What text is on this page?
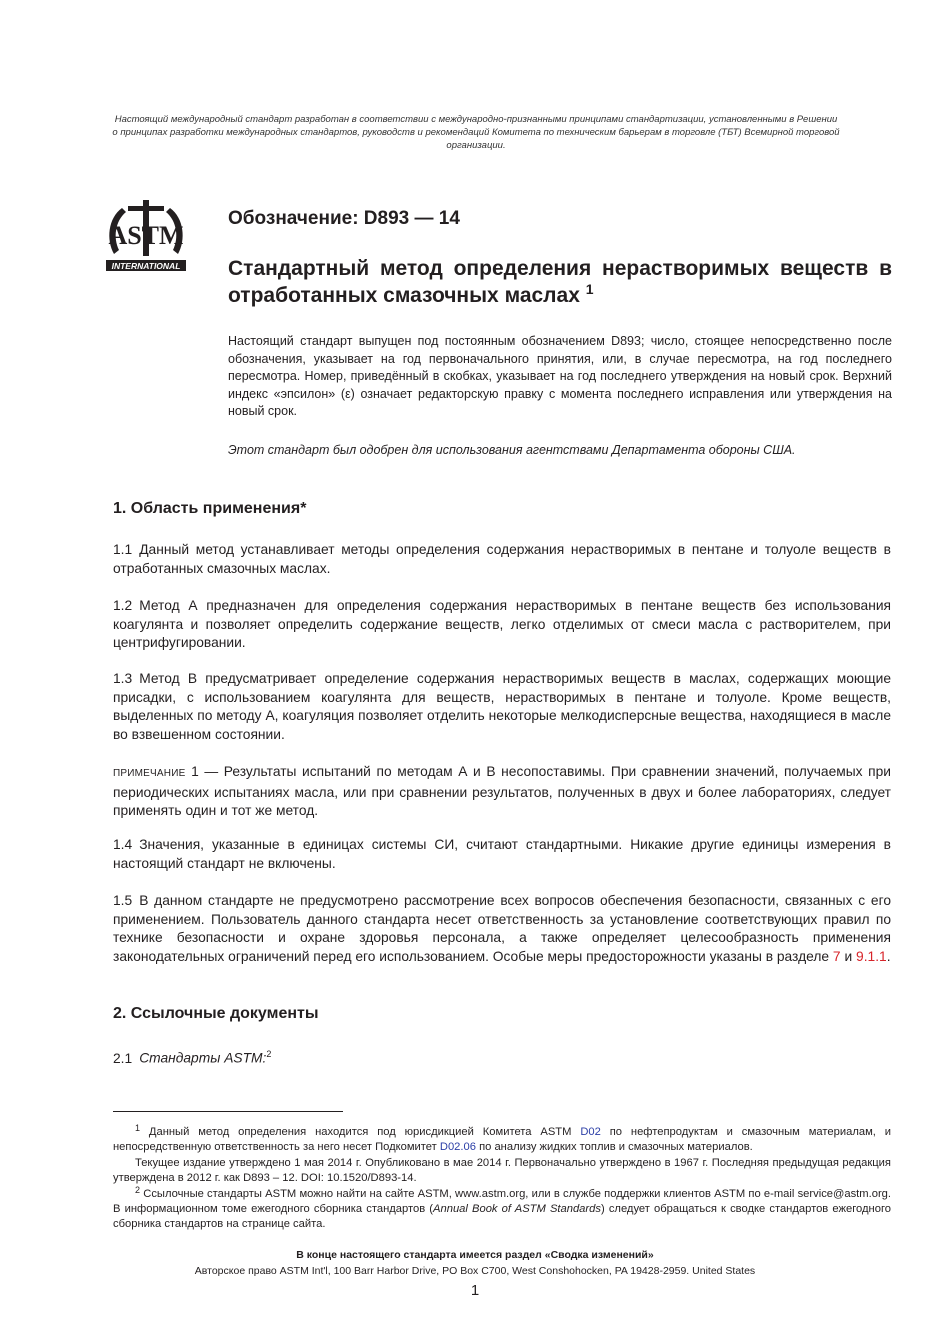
Настоящий международный стандарт разработан в соответствии с международно-признанными принципами стандартизации, установленными в Решении о принципах разработки международных стандартов, руководств и рекомендаций Комитета по техническим барьерам в торговле (ТБТ) Всемирной торговой организации.
ASTM
INTERNATIONAL
Обозначение: D893 — 14
Стандартный метод определения нерастворимых веществ в отработанных смазочных маслах $^1$
Настоящий стандарт выпущен под постоянным обозначением D893; число, стоящее непосредственно после обозначения, указывает на год первоначального принятия, или, в случае пересмотра, на год последнего пересмотра. Номер, приведённый в скобках, указывает на год последнего утверждения на новый срок. Верхний индекс «эпсилон» (ε) означает редакторскую правку с момента последнего исправления или утверждения на новый срок.
Этот стандарт был одобрен для использования агентствами Департамента обороны США.
1. Область применения*
1.1 Данный метод устанавливает методы определения содержания нерастворимых в пентане и толуоле веществ в отработанных смазочных маслах.
1.2 Метод А предназначен для определения содержания нерастворимых в пентане веществ без использования коагулянта и позволяет определить содержание веществ, легко отделимых от смеси масла с растворителем, при центрифугировании.
1.3 Метод В предусматривает определение содержания нерастворимых веществ в маслах, содержащих моющие присадки, с использованием коагулянта для веществ, нерастворимых в пентане и толуоле. Кроме веществ, выделенных по методу А, коагуляция позволяет отделить некоторые мелкодисперсные вещества, находящиеся в масле во взвешенном состоянии.
ПРИМЕЧАНИЕ 1 — Результаты испытаний по методам А и В несопоставимы. При сравнении значений, получаемых при периодических испытаниях масла, или при сравнении результатов, полученных в двух и более лабораториях, следует применять один и тот же метод.
1.4 Значения, указанные в единицах системы СИ, считают стандартными. Никакие другие единицы измерения в настоящий стандарт не включены.
1.5 В данном стандарте не предусмотрено рассмотрение всех вопросов обеспечения безопасности, связанных с его применением. Пользователь данного стандарта несет ответственность за установление соответствующих правил по технике безопасности и охране здоровья персонала, а также определяет целесообразность применения законодательных ограничений перед его использованием. Особые меры предосторожности указаны в разделе 7 и 9.1.1.
2. Ссылочные документы
2.1 Стандарты ASTM:$^2$
$^1$ Данный метод определения находится под юрисдикцией Комитета ASTM D02 по нефтепродуктам и смазочным материалам, и непосредственную ответственность за него несет Подкомитет D02.06 по анализу жидких топлив и смазочных материалов.
Текущее издание утверждено 1 мая 2014 г. Опубликовано в мае 2014 г. Первоначально утверждено в 1967 г. Последняя предыдущая редакция утверждена в 2012 г. как D893 – 12. DOI: 10.1520/D893-14.
$^2$ Ссылочные стандарты ASTM можно найти на сайте ASTM, www.astm.org, или в службе поддержки клиентов ASTM по e-mail service@astm.org. В информационном томе ежегодного сборника стандартов (Annual Book of ASTM Standards) следует обращаться к сводке стандартов ежегодного сборника стандартов на странице сайта.
В конце настоящего стандарта имеется раздел «Сводка изменений»
Авторское право ASTM Int'l, 100 Barr Harbor Drive, PO Box C700, West Conshohocken, PA 19428-2959. United States
1
